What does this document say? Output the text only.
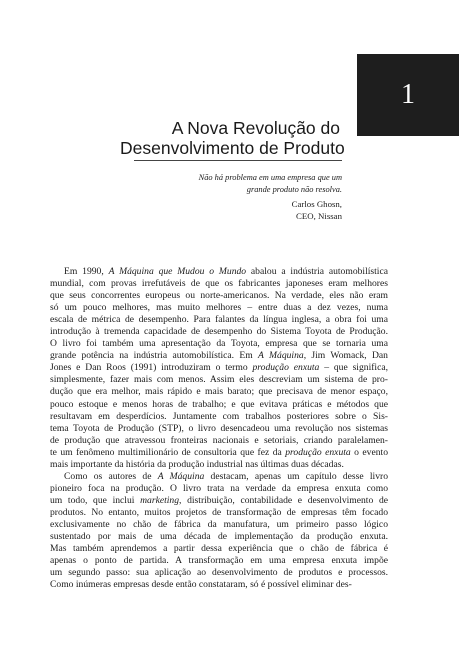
1
A Nova Revolução do
Desenvolvimento de Produto
Não há problema em uma empresa que um
grande produto não resolva.
Carlos Ghosn,
CEO, Nissan
Em 1990, A Máquina que Mudou o Mundo abalou a indústria automobilística
mundial, com provas irrefutáveis de que os fabricantes japoneses eram melhores
que seus concorrentes europeus ou norte-americanos. Na verdade, eles não eram
só um pouco melhores, mas muito melhores – entre duas a dez vezes, numa
escala de métrica de desempenho. Para falantes da língua inglesa, a obra foi uma
introdução à tremenda capacidade de desempenho do Sistema Toyota de Produção.
O livro foi também uma apresentação da Toyota, empresa que se tornaria uma
grande potência na indústria automobilística. Em A Máquina, Jim Womack, Dan
Jones e Dan Roos (1991) introduziram o termo produção enxuta – que significa,
simplesmente, fazer mais com menos. Assim eles descreviam um sistema de pro-
dução que era melhor, mais rápido e mais barato; que precisava de menor espaço,
pouco estoque e menos horas de trabalho; e que evitava práticas e métodos que
resultavam em desperdícios. Juntamente com trabalhos posteriores sobre o Sis-
tema Toyota de Produção (STP), o livro desencadeou uma revolução nos sistemas
de produção que atravessou fronteiras nacionais e setoriais, criando paralelamen-
te um fenômeno multimilionário de consultoria que fez da produção enxuta o evento
mais importante da história da produção industrial nas últimas duas décadas.
Como os autores de A Máquina destacam, apenas um capítulo desse livro
pioneiro foca na produção. O livro trata na verdade da empresa enxuta como
um todo, que inclui marketing, distribuição, contabilidade e desenvolvimento de
produtos. No entanto, muitos projetos de transformação de empresas têm focado
exclusivamente no chão de fábrica da manufatura, um primeiro passo lógico
sustentado por mais de uma década de implementação da produção enxuta.
Mas também aprendemos a partir dessa experiência que o chão de fábrica é
apenas o ponto de partida. A transformação em uma empresa enxuta impõe
um segundo passo: sua aplicação ao desenvolvimento de produtos e processos.
Como inúmeras empresas desde então constataram, só é possível eliminar des-
